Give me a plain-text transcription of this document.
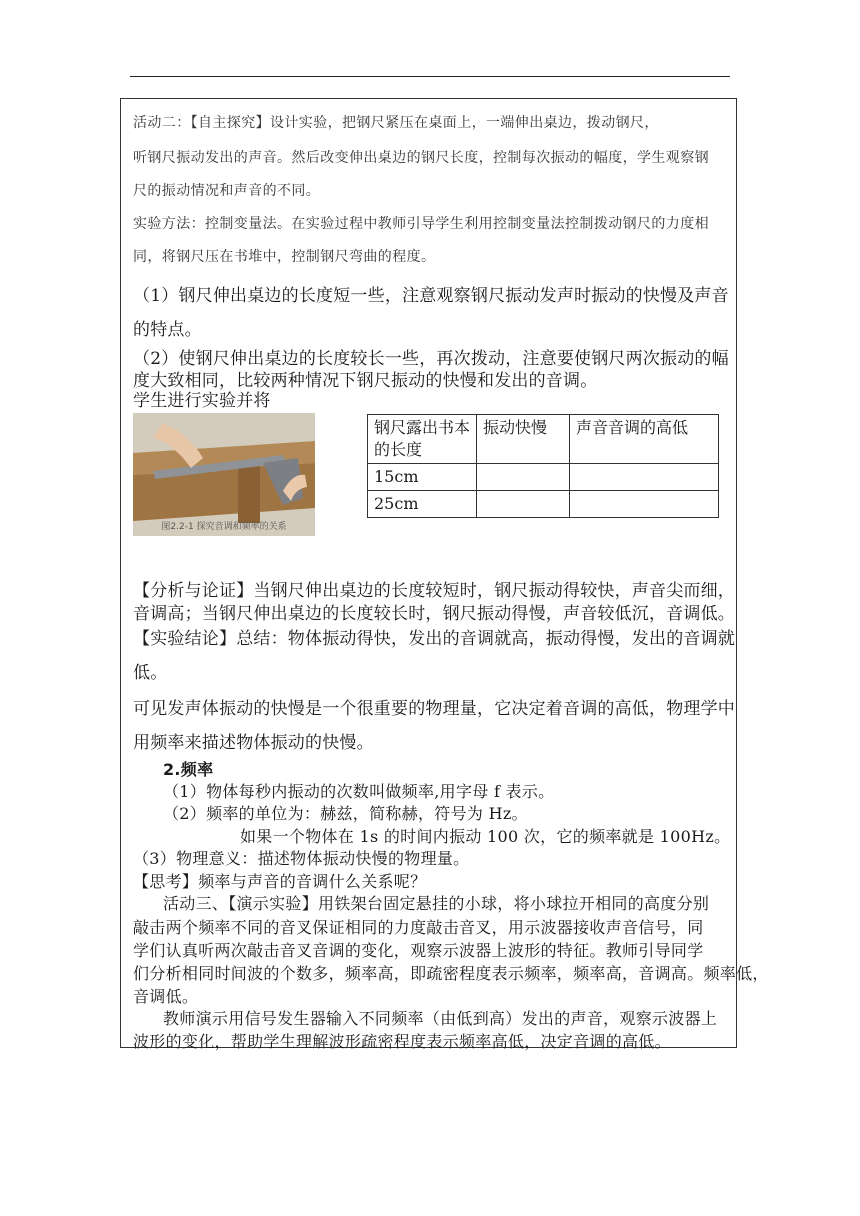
活动二：【自主探究】设计实验，把钢尺紧压在桌面上，一端伸出桌边，拨动钢尺，
听钢尺振动发出的声音。然后改变伸出桌边的钢尺长度，控制每次振动的幅度，学生观察钢
尺的振动情况和声音的不同。
实验方法：控制变量法。在实验过程中教师引导学生利用控制变量法控制拨动钢尺的力度相
同，将钢尺压在书堆中，控制钢尺弯曲的程度。
（1）钢尺伸出桌边的长度短一些，注意观察钢尺振动发声时振动的快慢及声音
的特点。
（2）使钢尺伸出桌边的长度较长一些，再次拨动，注意要使钢尺两次振动的幅
度大致相同，比较两种情况下钢尺振动的快慢和发出的音调。
学生进行实验并将
图2.2-1 探究音调和频率的关系
钢尺露出书本的长度	振动快慢	声音音调的高低
15cm		
25cm		
【分析与论证】当钢尺伸出桌边的长度较短时，钢尺振动得较快，声音尖而细，
音调高；当钢尺伸出桌边的长度较长时，钢尺振动得慢，声音较低沉，音调低。
【实验结论】总结：物体振动得快，发出的音调就高，振动得慢，发出的音调就
低。
可见发声体振动的快慢是一个很重要的物理量，它决定着音调的高低，物理学中
用频率来描述物体振动的快慢。
2.频率
（1）物体每秒内振动的次数叫做频率,用字母 f 表示。
（2）频率的单位为：赫兹，简称赫，符号为 Hz。
如果一个物体在 1s 的时间内振动 100 次，它的频率就是 100Hz。
（3）物理意义：描述物体振动快慢的物理量。
【思考】频率与声音的音调什么关系呢？
活动三、【演示实验】用铁架台固定悬挂的小球，将小球拉开相同的高度分别
敲击两个频率不同的音叉保证相同的力度敲击音叉，用示波器接收声音信号，同
学们认真听两次敲击音叉音调的变化，观察示波器上波形的特征。教师引导同学
们分析相同时间波的个数多，频率高，即疏密程度表示频率，频率高，音调高。频率低，
音调低。
教师演示用信号发生器输入不同频率（由低到高）发出的声音，观察示波器上
波形的变化，帮助学生理解波形疏密程度表示频率高低，决定音调的高低。
